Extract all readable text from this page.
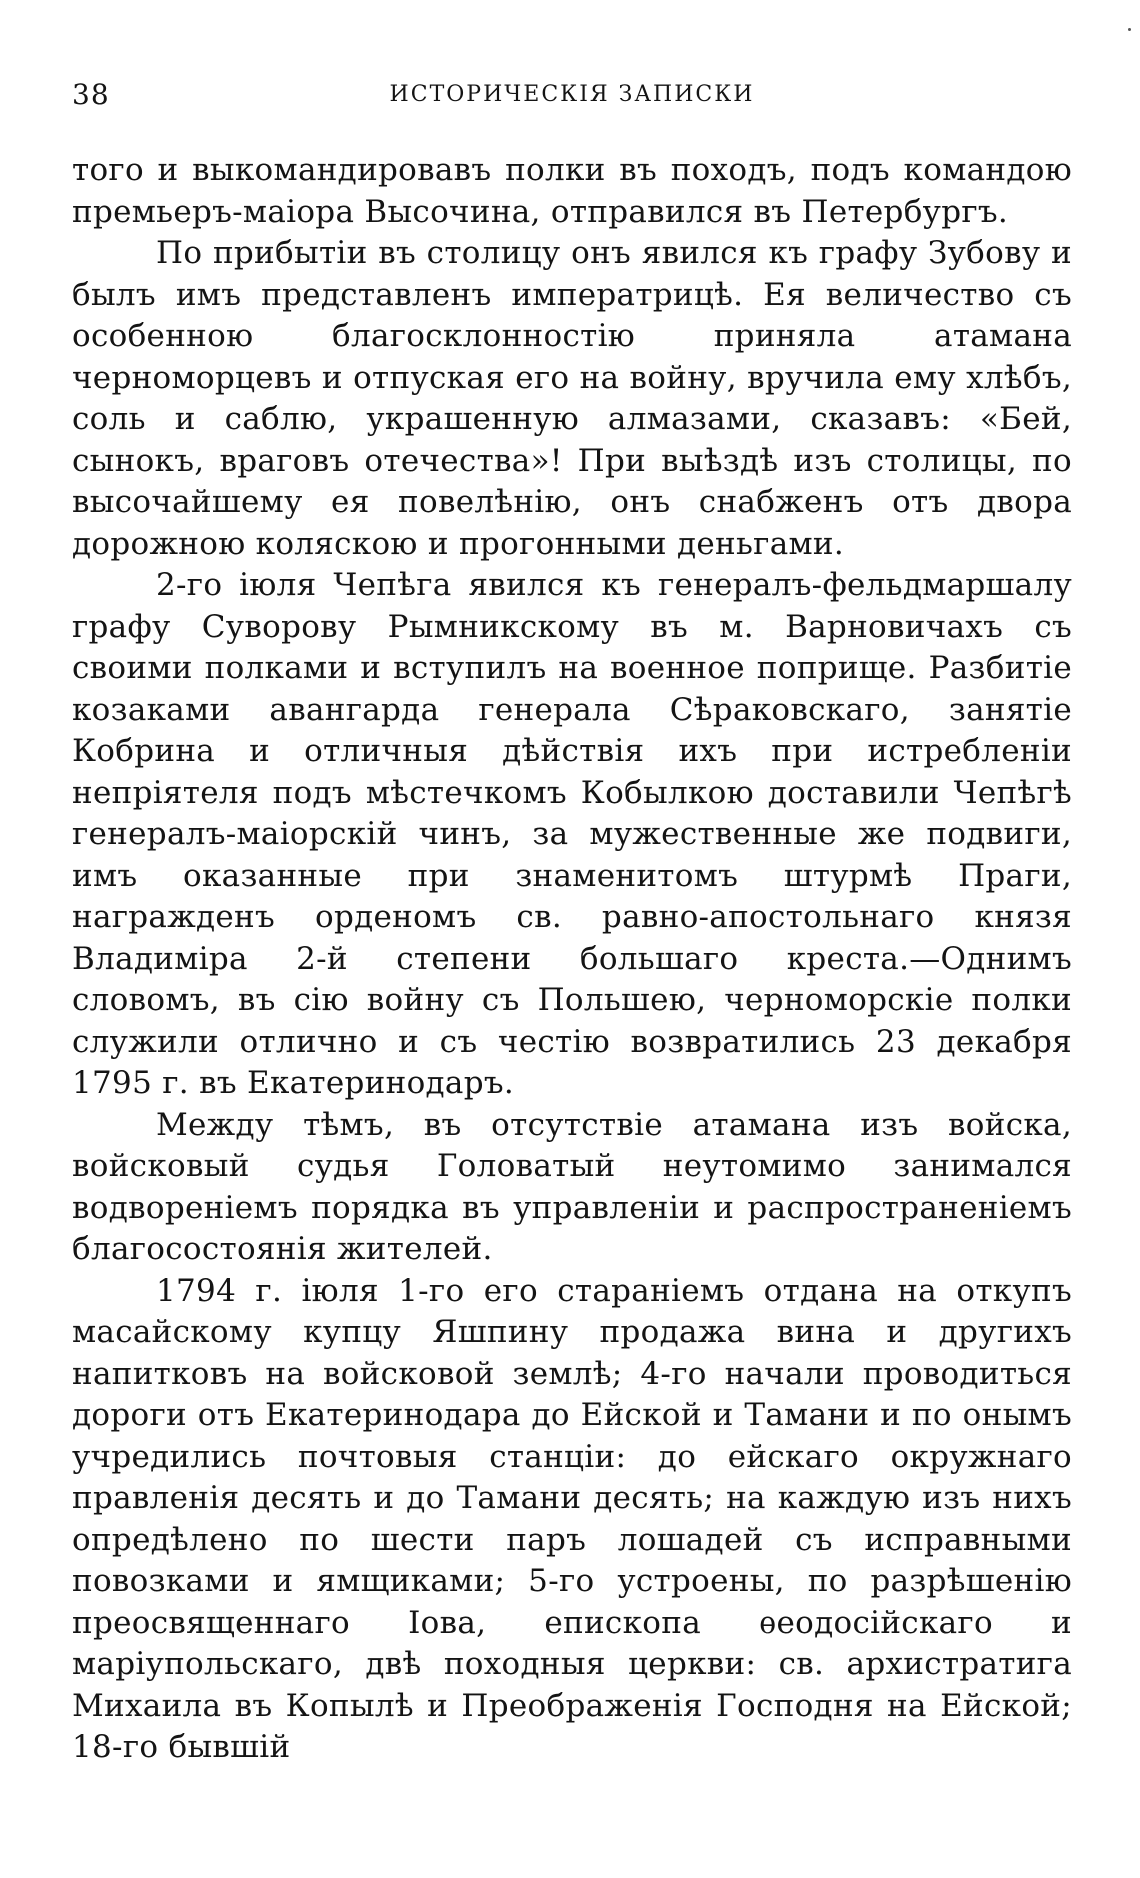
38	ИСТОРИЧЕСКІЯ ЗАПИСКИ

того и выкомандировавъ полки въ походъ, подъ командою премьеръ-маіора Высочина, отправился въ Петербургъ.

По прибытіи въ столицу онъ явился къ графу Зубову и былъ имъ представленъ императрицѣ. Ея величество съ особенною благосклонностію приняла атамана черноморцевъ и отпуская его на войну, вручила ему хлѣбъ, соль и саблю, украшенную алмазами, сказавъ: «Бей, сынокъ, враговъ отечества»! При выѣздѣ изъ столицы, по высочайшему ея повелѣнію, онъ снабженъ отъ двора дорожною коляскою и прогонными деньгами.

2-го іюля Чепѣга явился къ генералъ-фельдмаршалу графу Суворову Рымникскому въ м. Варновичахъ съ своими полками и вступилъ на военное поприще. Разбитіе козаками авангарда генерала Сѣраковскаго, занятіе Кобрина и отличныя дѣйствія ихъ при истребленіи непріятеля подъ мѣстечкомъ Кобылкою доставили Чепѣгѣ генералъ-маіорскій чинъ, за мужественные же подвиги, имъ оказанные при знаменитомъ штурмѣ Праги, награжденъ орденомъ св. равно-апостольнаго князя Владиміра 2-й степени большаго креста.—Однимъ словомъ, въ сію войну съ Польшею, черноморскіе полки служили отлично и съ честію возвратились 23 декабря 1795 г. въ Екатеринодаръ.

Между тѣмъ, въ отсутствіе атамана изъ войска, войсковый судья Головатый неутомимо занимался водвореніемъ порядка въ управленіи и распространеніемъ благосостоянія жителей.

1794 г. іюля 1-го его стараніемъ отдана на откупъ масайскому купцу Яшпину продажа вина и другихъ напитковъ на войсковой землѣ; 4-го начали проводиться дороги отъ Екатеринодара до Ейской и Тамани и по онымъ учредились почтовыя станціи: до ейскаго окружнаго правленія десять и до Тамани десять; на каждую изъ нихъ опредѣлено по шести паръ лошадей съ исправными повозками и ямщиками; 5-го устроены, по разрѣшенію преосвященнаго Іова, епископа ѳеодосійскаго и маріупольскаго, двѣ походныя церкви: св. архистратига Михаила въ Копылѣ и Преображенія Господня на Ейской; 18-го бывшій
